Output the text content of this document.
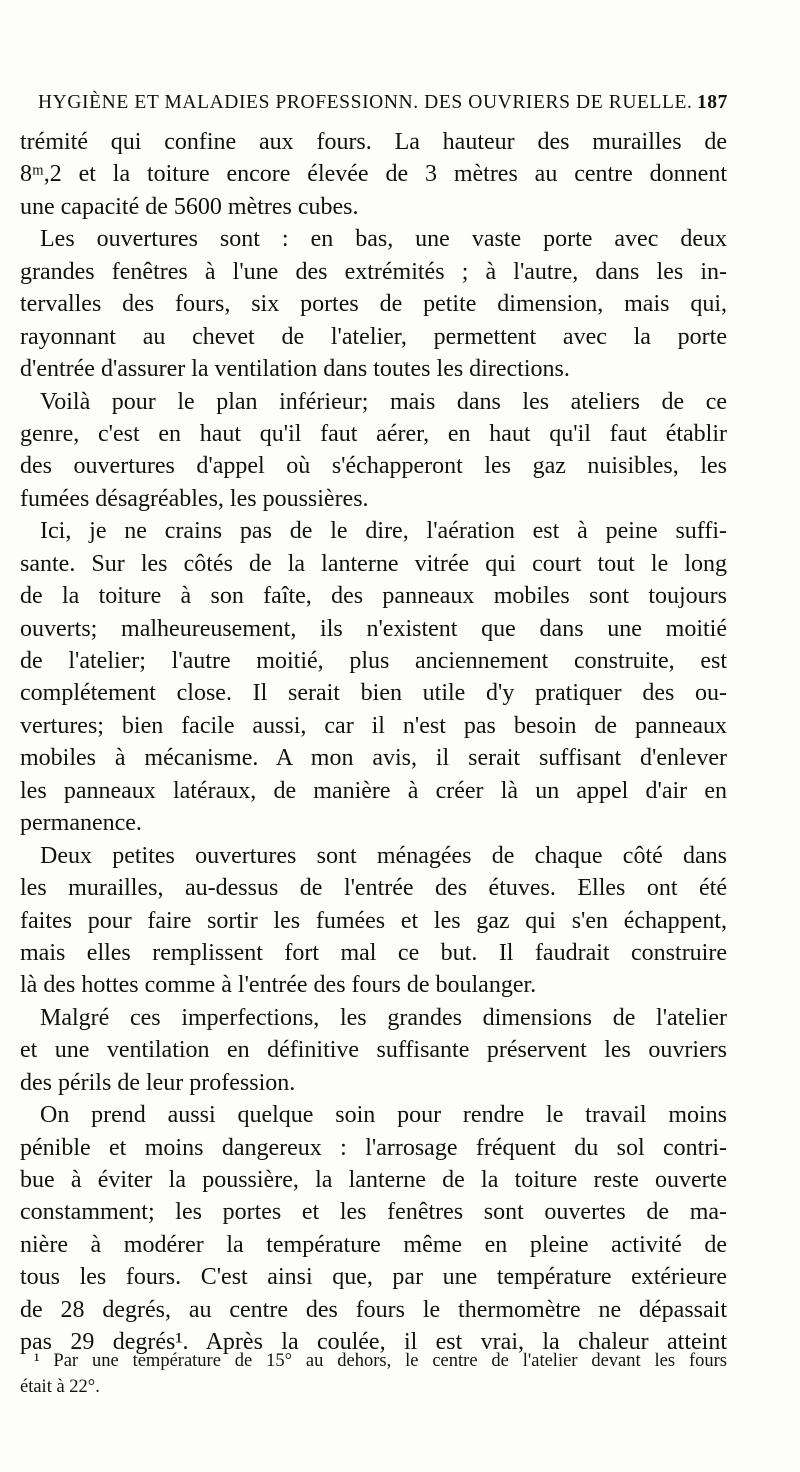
HYGIÈNE ET MALADIES PROFESSIONN. DES OUVRIERS DE RUELLE. 187
trémité qui confine aux fours. La hauteur des murailles de
8ᵐ,2 et la toiture encore élevée de 3 mètres au centre donnent
une capacité de 5600 mètres cubes.
Les ouvertures sont : en bas, une vaste porte avec deux
grandes fenêtres à l'une des extrémités ; à l'autre, dans les in-
tervalles des fours, six portes de petite dimension, mais qui,
rayonnant au chevet de l'atelier, permettent avec la porte
d'entrée d'assurer la ventilation dans toutes les directions.
Voilà pour le plan inférieur; mais dans les ateliers de ce
genre, c'est en haut qu'il faut aérer, en haut qu'il faut établir
des ouvertures d'appel où s'échapperont les gaz nuisibles, les
fumées désagréables, les poussières.
Ici, je ne crains pas de le dire, l'aération est à peine suffi-
sante. Sur les côtés de la lanterne vitrée qui court tout le long
de la toiture à son faîte, des panneaux mobiles sont toujours
ouverts; malheureusement, ils n'existent que dans une moitié
de l'atelier; l'autre moitié, plus anciennement construite, est
complétement close. Il serait bien utile d'y pratiquer des ou-
vertures; bien facile aussi, car il n'est pas besoin de panneaux
mobiles à mécanisme. A mon avis, il serait suffisant d'enlever
les panneaux latéraux, de manière à créer là un appel d'air en
permanence.
Deux petites ouvertures sont ménagées de chaque côté dans
les murailles, au-dessus de l'entrée des étuves. Elles ont été
faites pour faire sortir les fumées et les gaz qui s'en échappent,
mais elles remplissent fort mal ce but. Il faudrait construire
là des hottes comme à l'entrée des fours de boulanger.
Malgré ces imperfections, les grandes dimensions de l'atelier
et une ventilation en définitive suffisante préservent les ouvriers
des périls de leur profession.
On prend aussi quelque soin pour rendre le travail moins
pénible et moins dangereux : l'arrosage fréquent du sol contri-
bue à éviter la poussière, la lanterne de la toiture reste ouverte
constamment; les portes et les fenêtres sont ouvertes de ma-
nière à modérer la température même en pleine activité de
tous les fours. C'est ainsi que, par une température extérieure
de 28 degrés, au centre des fours le thermomètre ne dépassait
pas 29 degrés¹. Après la coulée, il est vrai, la chaleur atteint
¹ Par une température de 15° au dehors, le centre de l'atelier devant les fours
était à 22°.
